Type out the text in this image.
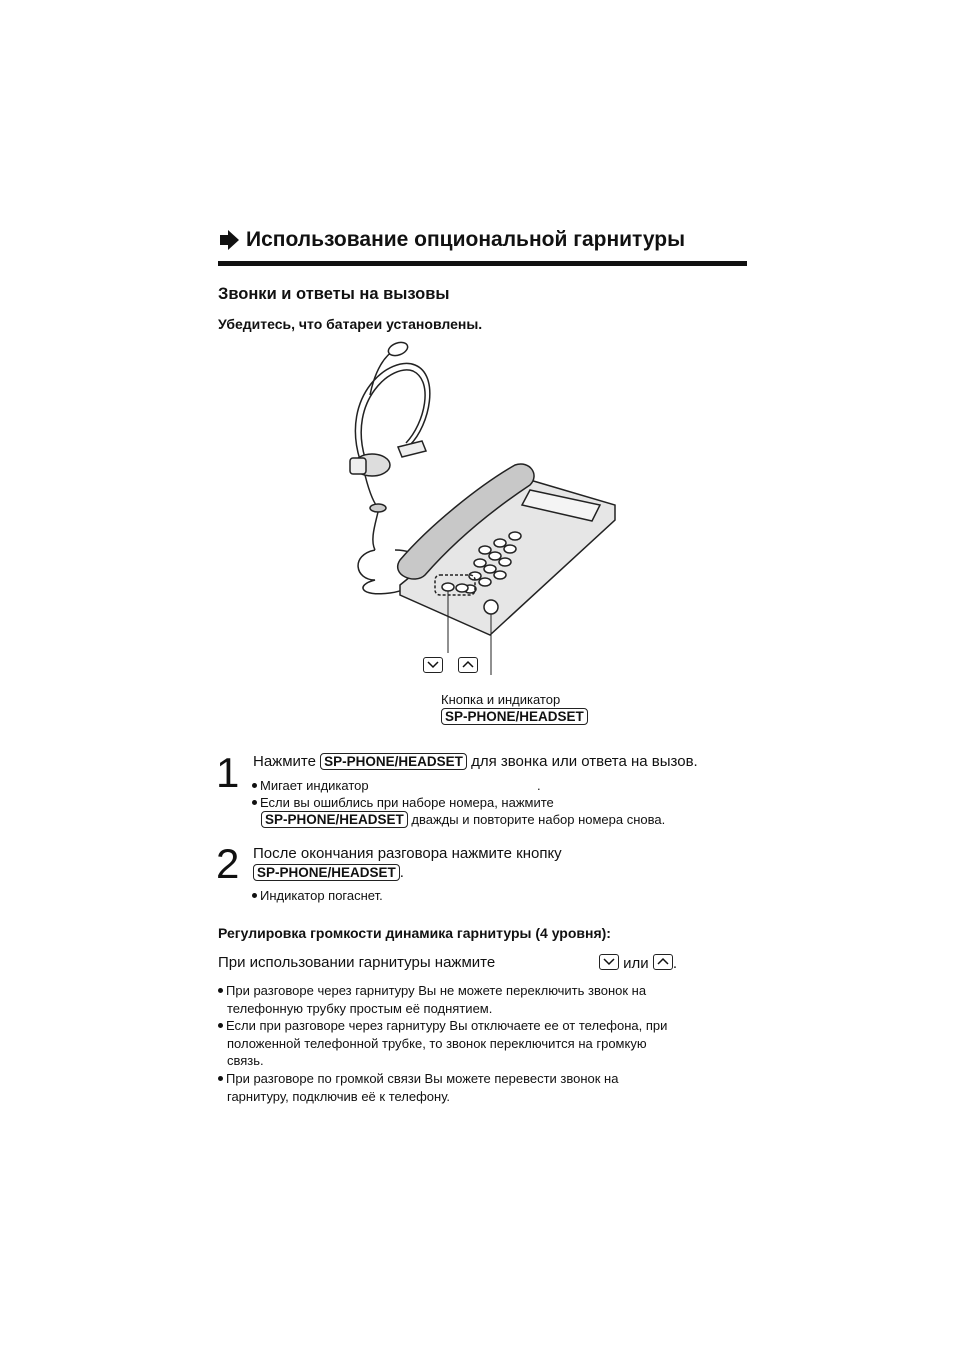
Использование опциональной гарнитуры
Звонки и ответы на вызовы
Убедитесь, что батареи установлены.

Кнопка и индикатор
SP-PHONE/HEADSET
1 Нажмите SP-PHONE/HEADSET для звонка или ответа на вызов.
Мигает индикатор	.
Если вы ошиблись при наборе номера, нажмите
SP-PHONE/HEADSET дважды и повторите набор номера снова.
2 После окончания разговора нажмите кнопку
SP-PHONE/HEADSET .
Индикатор погаснет.
Регулировка громкости динамика гарнитуры (4 уровня):
При использовании гарнитуры нажмите	или .
При разговоре через гарнитуру Вы не можете переключить звонок на
телефонную трубку простым её поднятием.
Если при разговоре через гарнитуру Вы отключаете ее от телефона, при
положенной телефонной трубке, то звонок переключится на громкую
связь.
При разговоре по громкой связи Вы можете перевести звонок на
гарнитуру, подключив её к телефону.
